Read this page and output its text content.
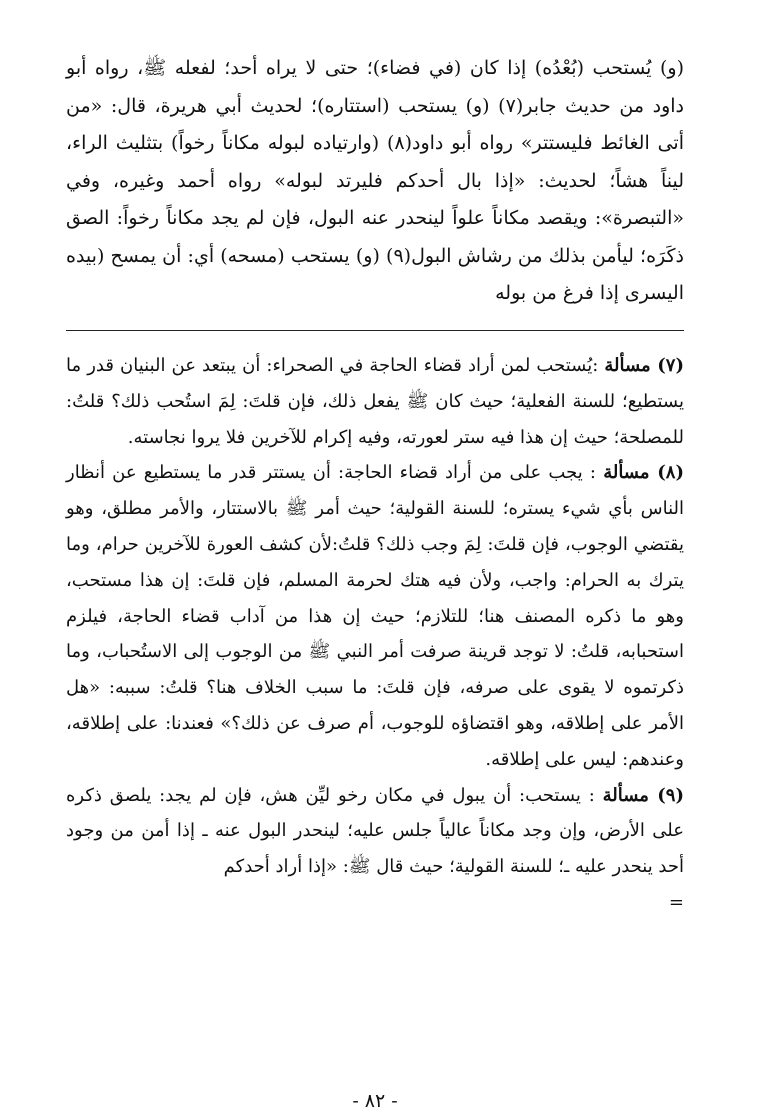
(و) يُستحب (بُعْدُه) إذا كان (في فضاء)؛ حتى لا يراه أحد؛ لفعله ﷺ، رواه أبو داود من حديث جابر(٧) (و) يستحب (استتاره)؛ لحديث أبي هريرة، قال: «من أتى الغائط فليستتر» رواه أبو داود(٨) (وارتياده لبوله مكاناً رخواً) بتثليث الراء، ليناً هشاً؛ لحديث: «إذا بال أحدكم فليرتد لبوله» رواه أحمد وغيره، وفي «التبصرة»: ويقصد مكاناً علواً لينحدر عنه البول، فإن لم يجد مكاناً رخواً: الصق ذكَرَه؛ ليأمن بذلك من رشاش البول(٩) (و) يستحب (مسحه) أي: أن يمسح (بيده اليسرى إذا فرغ من بوله

(٧) مسألة :يُستحب لمن أراد قضاء الحاجة في الصحراء: أن يبتعد عن البنيان قدر ما يستطيع؛ للسنة الفعلية؛ حيث كان ﷺ يفعل ذلك، فإن قلتَ: لِمَ استُحب ذلك؟ قلتُ: للمصلحة؛ حيث إن هذا فيه ستر لعورته، وفيه إكرام للآخرين فلا يروا نجاسته.

(٨) مسألة : يجب على من أراد قضاء الحاجة: أن يستتر قدر ما يستطيع عن أنظار الناس بأي شيء يستره؛ للسنة القولية؛ حيث أمر ﷺ بالاستتار، والأمر مطلق، وهو يقتضي الوجوب، فإن قلتَ: لِمَ وجب ذلك؟ قلتُ:لأن كشف العورة للآخرين حرام، وما يترك به الحرام: واجب، ولأن فيه هتك لحرمة المسلم، فإن قلتَ: إن هذا مستحب، وهو ما ذكره المصنف هنا؛ للتلازم؛ حيث إن هذا من آداب قضاء الحاجة، فيلزم استحبابه، قلتُ: لا توجد قرينة صرفت أمر النبي ﷺ من الوجوب إلى الاستُحباب، وما ذكرتموه لا يقوى على صرفه، فإن قلتَ: ما سبب الخلاف هنا؟ قلتُ: سببه: «هل الأمر على إطلاقه، وهو اقتضاؤه للوجوب، أم صرف عن ذلك؟» فعندنا: على إطلاقه، وعندهم: ليس على إطلاقه.

(٩) مسألة : يستحب: أن يبول في مكان رخو ليِّن هش، فإن لم يجد: يلصق ذكره على الأرض، وإن وجد مكاناً عالياً جلس عليه؛ لينحدر البول عنه ـ إذا أمن من وجود أحد ينحدر عليه ـ؛ للسنة القولية؛ حيث قال ﷺ: «إذا أراد أحدكم

=

- ٨٢ -
